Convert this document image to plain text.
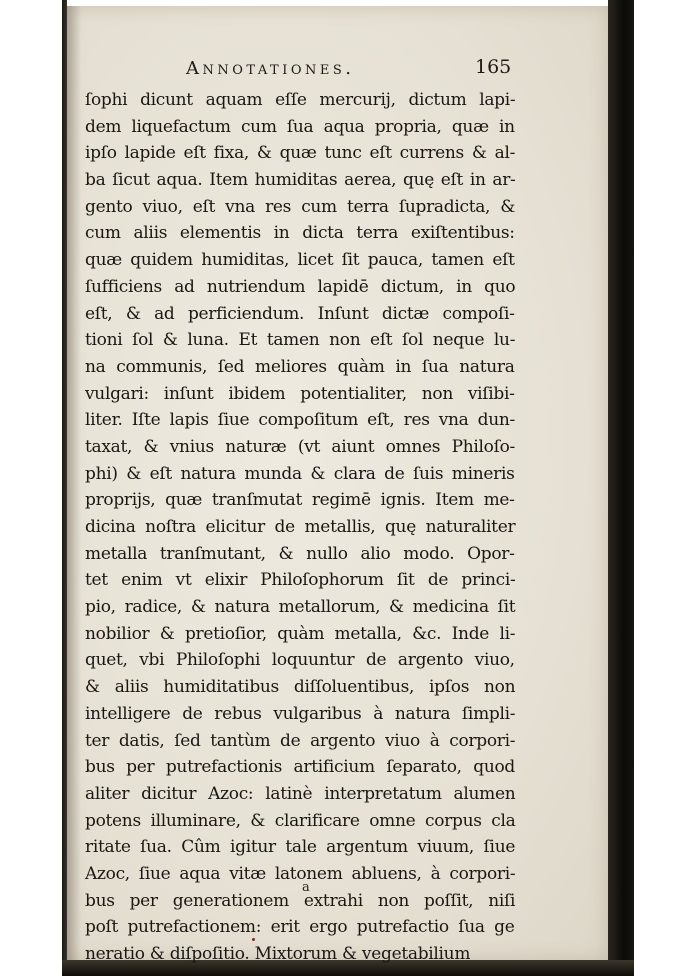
Annotationes.	165
ſophi dicunt aquam eſſe mercurij, dictum lapi-
dem liquefactum cum ſua aqua propria, quæ in
ipſo lapide eſt fixa, & quæ tunc eſt currens & al-
ba ſicut aqua. Item humiditas aerea, quę eſt in ar-
gento viuo, eſt vna res cum terra ſupradicta, &
cum aliis elementis in dicta terra exiſtentibus:
quæ quidem humiditas, licet ſit pauca, tamen eſt
ſufficiens ad nutriendum lapidē dictum, in quo
eſt, & ad perficiendum. Inſunt dictæ compoſi-
tioni ſol & luna. Et tamen non eſt ſol neque lu-
na communis, ſed meliores quàm in ſua natura
vulgari: inſunt ibidem potentialiter, non viſibi-
liter. Iſte lapis ſiue compoſitum eſt, res vna dun-
taxat, & vnius naturæ (vt aiunt omnes Philoſo-
phi) & eſt natura munda & clara de ſuis mineris
proprijs, quæ tranſmutat regimē ignis. Item me-
dicina noſtra elicitur de metallis, quę naturaliter
metalla tranſmutant, & nullo alio modo. Opor-
tet enim vt elixir Philoſophorum ſit de princi-
pio, radice, & natura metallorum, & medicina ſit
nobilior & pretioſior, quàm metalla, &c. Inde li-
quet, vbi Philoſophi loquuntur de argento viuo,
& aliis humiditatibus diſſoluentibus, ipſos non
intelligere de rebus vulgaribus à natura ſimpli-
ter datis, ſed tantùm de argento viuo à corpori-
bus per putrefactionis artificium ſeparato, quod
aliter dicitur Azoc: latinè interpretatum alumen
potens illuminare, & clarificare omne corpus cla
ritate ſua. Cûm igitur tale argentum viuum, ſiue
Azoc, ſiue aqua vitæ latonem abluens, à corpori-
bus per generationem extrahi non poſſit, niſi
poſt putrefactionem: erit ergo putrefactio ſua ge
neratio & diſpoſitio. Mixtorum & vegetabilium
a
